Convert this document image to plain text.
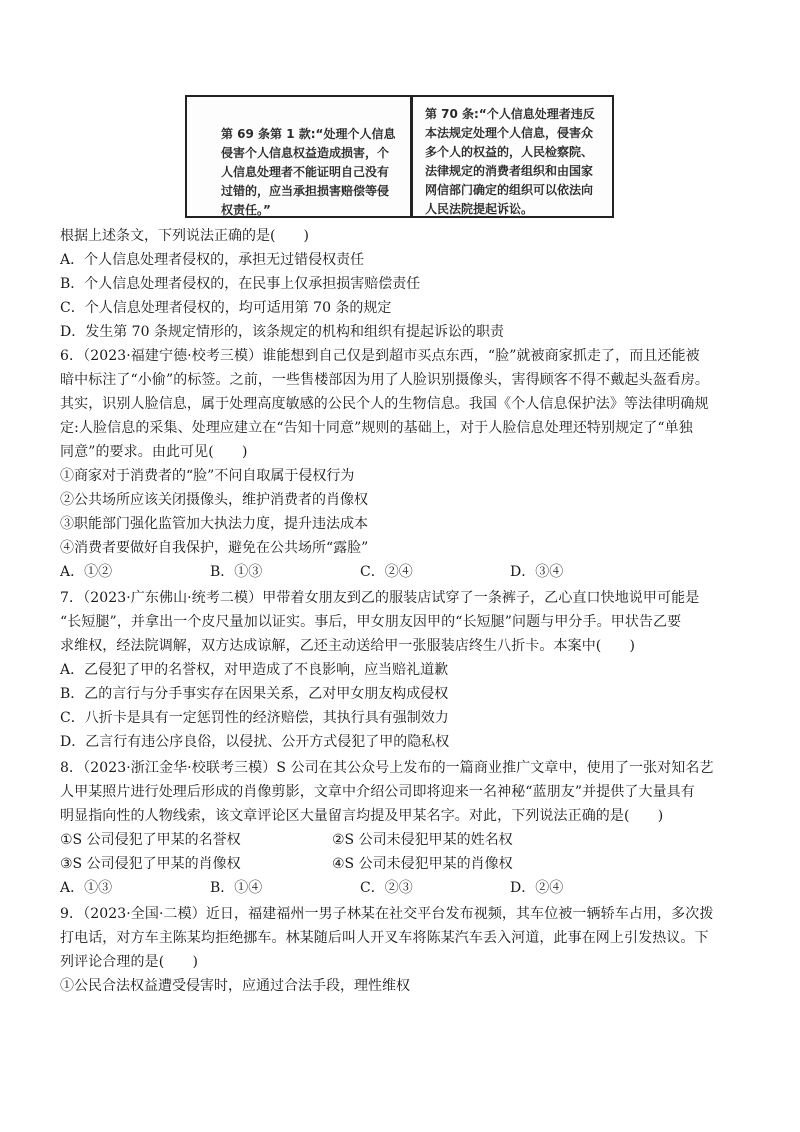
第 69 条第 1 款:“处理个人信息侵害个人信息权益造成损害，个人信息处理者不能证明自己没有过错的，应当承担损害赔偿等侵权责任。”
第 70 条:“个人信息处理者违反本法规定处理个人信息，侵害众多个人的权益的，人民检察院、法律规定的消费者组织和由国家网信部门确定的组织可以依法向人民法院提起诉讼。

根据上述条文，下列说法正确的是(　　)

A．个人信息处理者侵权的，承担无过错侵权责任

B．个人信息处理者侵权的，在民事上仅承担损害赔偿责任

C．个人信息处理者侵权的，均可适用第 70 条的规定

D．发生第 70 条规定情形的，该条规定的机构和组织有提起诉讼的职责

6．（2023·福建宁德·校考三模）谁能想到自己仅是到超市买点东西，“脸”就被商家抓走了，而且还能被

暗中标注了“小偷”的标签。之前，一些售楼部因为用了人脸识别摄像头，害得顾客不得不戴起头盔看房。

其实，识别人脸信息，属于处理高度敏感的公民个人的生物信息。我国《个人信息保护法》等法律明确规

定:人脸信息的采集、处理应建立在“告知十同意”规则的基础上，对于人脸信息处理还特别规定了“单独

同意”的要求。由此可见(　　)

①商家对于消费者的“脸”不问自取属于侵权行为

②公共场所应该关闭摄像头，维护消费者的肖像权

③职能部门强化监管加大执法力度，提升违法成本

④消费者要做好自我保护，避免在公共场所“露脸”

A．①②	B．①③	C．②④	D．③④

7．（2023·广东佛山·统考二模）甲带着女朋友到乙的服装店试穿了一条裤子，乙心直口快地说甲可能是

“长短腿”，并拿出一个皮尺量加以证实。事后，甲女朋友因甲的“长短腿”问题与甲分手。甲状告乙要

求维权，经法院调解，双方达成谅解，乙还主动送给甲一张服装店终生八折卡。本案中(　　)

A．乙侵犯了甲的名誉权，对甲造成了不良影响，应当赔礼道歉

B．乙的言行与分手事实存在因果关系，乙对甲女朋友构成侵权

C．八折卡是具有一定惩罚性的经济赔偿，其执行具有强制效力

D．乙言行有违公序良俗，以侵扰、公开方式侵犯了甲的隐私权

8．（2023·浙江金华·校联考三模）S 公司在其公众号上发布的一篇商业推广文章中，使用了一张对知名艺

人甲某照片进行处理后形成的肖像剪影，文章中介绍公司即将迎来一名神秘“蓝朋友”并提供了大量具有

明显指向性的人物线索，该文章评论区大量留言均提及甲某名字。对此，下列说法正确的是(　　)

①S 公司侵犯了甲某的名誉权	②S 公司未侵犯甲某的姓名权
③S 公司侵犯了甲某的肖像权	④S 公司未侵犯甲某的肖像权
A．①③	B．①④	C．②③	D．②④

9．（2023·全国·二模）近日，福建福州一男子林某在社交平台发布视频，其车位被一辆轿车占用，多次拨

打电话，对方车主陈某均拒绝挪车。林某随后叫人开叉车将陈某汽车丢入河道，此事在网上引发热议。下

列评论合理的是(　　)

①公民合法权益遭受侵害时，应通过合法手段，理性维权
